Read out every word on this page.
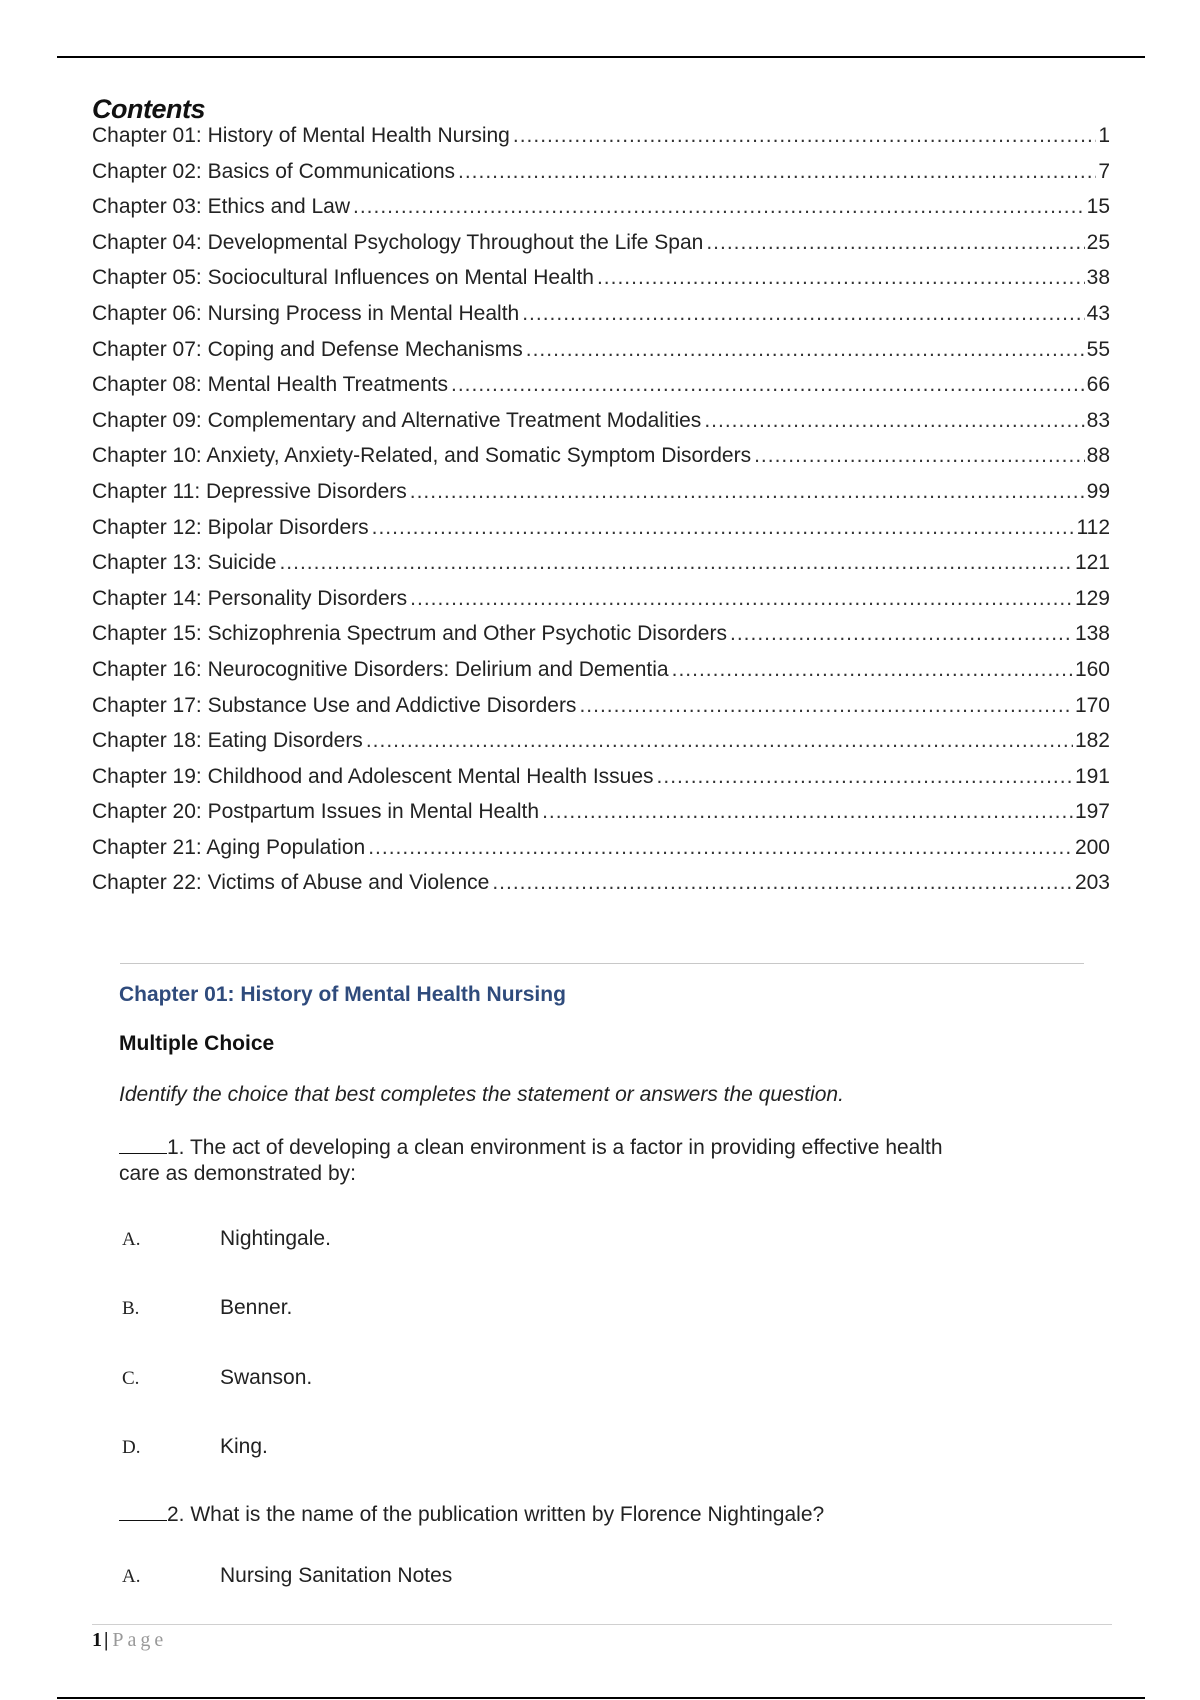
Contents
Chapter 01: History of Mental Health Nursing .....	1
Chapter 02: Basics of Communications .....	7
Chapter 03: Ethics and Law .....	15
Chapter 04: Developmental Psychology Throughout the Life Span .....	25
Chapter 05: Sociocultural Influences on Mental Health .....	38
Chapter 06: Nursing Process in Mental Health .....	43
Chapter 07: Coping and Defense Mechanisms .....	55
Chapter 08: Mental Health Treatments .....	66
Chapter 09: Complementary and Alternative Treatment Modalities .....	83
Chapter 10: Anxiety, Anxiety-Related, and Somatic Symptom Disorders .....	88
Chapter 11: Depressive Disorders .....	99
Chapter 12: Bipolar Disorders .....	112
Chapter 13: Suicide .....	121
Chapter 14: Personality Disorders .....	129
Chapter 15: Schizophrenia Spectrum and Other Psychotic Disorders .....	138
Chapter 16: Neurocognitive Disorders: Delirium and Dementia .....	160
Chapter 17: Substance Use and Addictive Disorders .....	170
Chapter 18: Eating Disorders .....	182
Chapter 19: Childhood and Adolescent Mental Health Issues .....	191
Chapter 20: Postpartum Issues in Mental Health .....	197
Chapter 21: Aging Population .....	200
Chapter 22: Victims of Abuse and Violence .....	203
Chapter 01: History of Mental Health Nursing
Multiple Choice
Identify the choice that best completes the statement or answers the question.
1. The act of developing a clean environment is a factor in providing effective health care as demonstrated by:
A.	Nightingale.
B.	Benner.
C.	Swanson.
D.	King.
2. What is the name of the publication written by Florence Nightingale?
A.	Nursing Sanitation Notes
1 | Page
